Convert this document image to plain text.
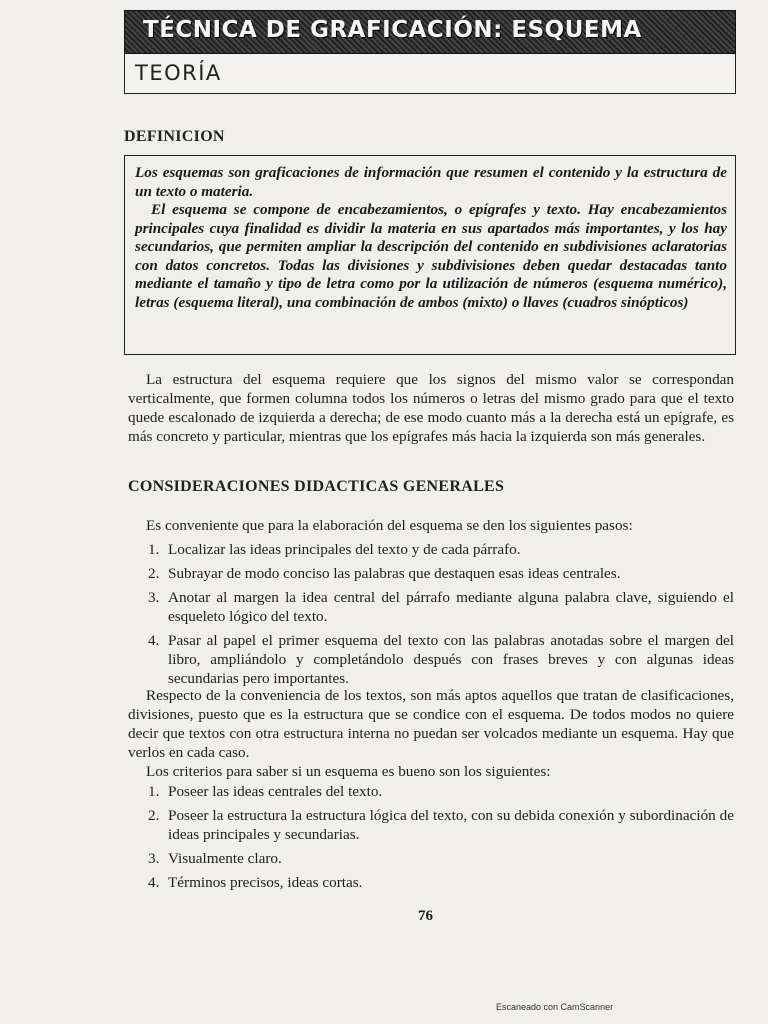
TÉCNICA DE GRAFICACIÓN: ESQUEMA
TEORÍA
DEFINICION

Los esquemas son graficaciones de información que resumen el contenido y la estructura de un texto o materia.

El esquema se compone de encabezamientos, o epígrafes y texto. Hay encabezamientos principales cuya finalidad es dividir la materia en sus apartados más importantes, y los hay secundarios, que permiten ampliar la descripción del contenido en subdivisiones aclaratorias con datos concretos. Todas las divisiones y subdivisiones deben quedar destacadas tanto mediante el tamaño y tipo de letra como por la utilización de números (esquema numérico), letras (esquema literal), una combinación de ambos (mixto) o llaves (cuadros sinópticos)

La estructura del esquema requiere que los signos del mismo valor se correspondan verticalmente, que formen columna todos los números o letras del mismo grado para que el texto quede escalonado de izquierda a derecha; de ese modo cuanto más a la derecha está un epígrafe, es más concreto y particular, mientras que los epígrafes más hacia la izquierda son más generales.

CONSIDERACIONES DIDACTICAS GENERALES

Es conveniente que para la elaboración del esquema se den los siguientes pasos:

1. Localizar las ideas principales del texto y de cada párrafo.
2. Subrayar de modo conciso las palabras que destaquen esas ideas centrales.
3. Anotar al margen la idea central del párrafo mediante alguna palabra clave, siguiendo el esqueleto lógico del texto.
4. Pasar al papel el primer esquema del texto con las palabras anotadas sobre el margen del libro, ampliándolo y completándolo después con frases breves y con algunas ideas secundarias pero importantes.

Respecto de la conveniencia de los textos, son más aptos aquellos que tratan de clasificaciones, divisiones, puesto que es la estructura que se condice con el esquema. De todos modos no quiere decir que textos con otra estructura interna no puedan ser volcados mediante un esquema. Hay que verlos en cada caso.

Los criterios para saber si un esquema es bueno son los siguientes:

1. Poseer las ideas centrales del texto.
2. Poseer la estructura la estructura lógica del texto, con su debida conexión y subordinación de ideas principales y secundarias.
3. Visualmente claro.
4. Términos precisos, ideas cortas.
76
Escaneado con CamScanner
